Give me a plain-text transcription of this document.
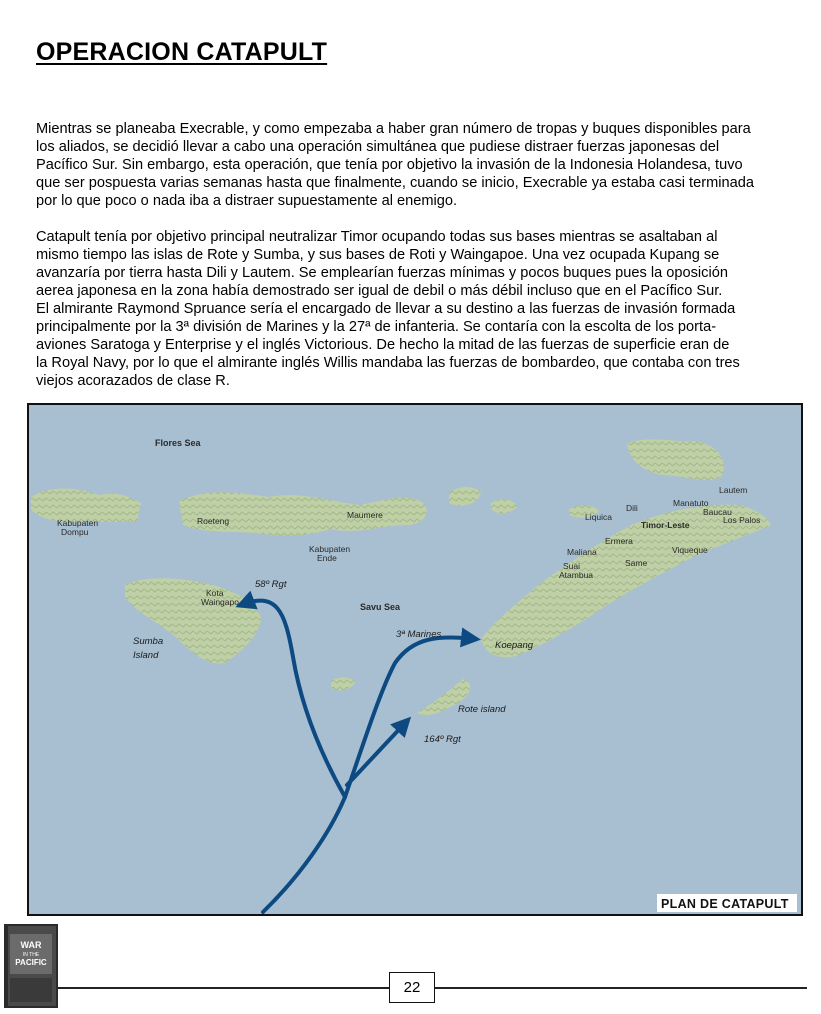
OPERACION CATAPULT

Mientras se planeaba Execrable, y como empezaba a haber gran número de tropas y buques disponibles para
los aliados, se decidió llevar a cabo una operación simultánea que pudiese distraer fuerzas japonesas del
Pacífico Sur. Sin embargo, esta operación, que tenía por objetivo la invasión de la Indonesia Holandesa, tuvo
que ser pospuesta varias semanas hasta que finalmente, cuando se inicio, Execrable ya estaba casi terminada
por lo que poco o nada iba a distraer supuestamente al enemigo.

Catapult tenía por objetivo principal neutralizar Timor ocupando todas sus bases mientras se asaltaban al
mismo tiempo las islas de Rote y Sumba, y sus bases de Roti y Waingapoe. Una vez ocupada Kupang se
avanzaría por tierra hasta Dili y Lautem. Se emplearían fuerzas mínimas y pocos buques pues la oposición
aerea japonesa en la zona había demostrado ser igual de debil o más débil incluso que en el Pacífico Sur.
El almirante Raymond Spruance sería el encargado de llevar a su destino a las fuerzas de invasión formada
principalmente por la 3ª división de Marines y la 27ª de infanteria. Se contaría con la escolta de los porta-
aviones Saratoga y Enterprise y el inglés Victorious. De hecho la mitad de las fuerzas de superficie eran de
la Royal Navy, por lo que el almirante inglés Willis mandaba las fuerzas de bombardeo, que contaba con tres
viejos acorazados de clase R.

Flores Sea
Savu Sea
Kabupaten
Dompu
Roeteng
Maumere
Kabupaten
Ende
Kota
Waingapo
Dili
Liquica
Manatuto
Lautem
Timor-Leste
Baucau
Los Palos
Ermera
Maliana
Same
Viqueque
Suai
Atambua
58º Rgt
3ª Marines
Koepang
Sumba
Island
Rote island
164º Rgt
PLAN DE CATAPULT
22
WAR
IN THE
PACIFIC
